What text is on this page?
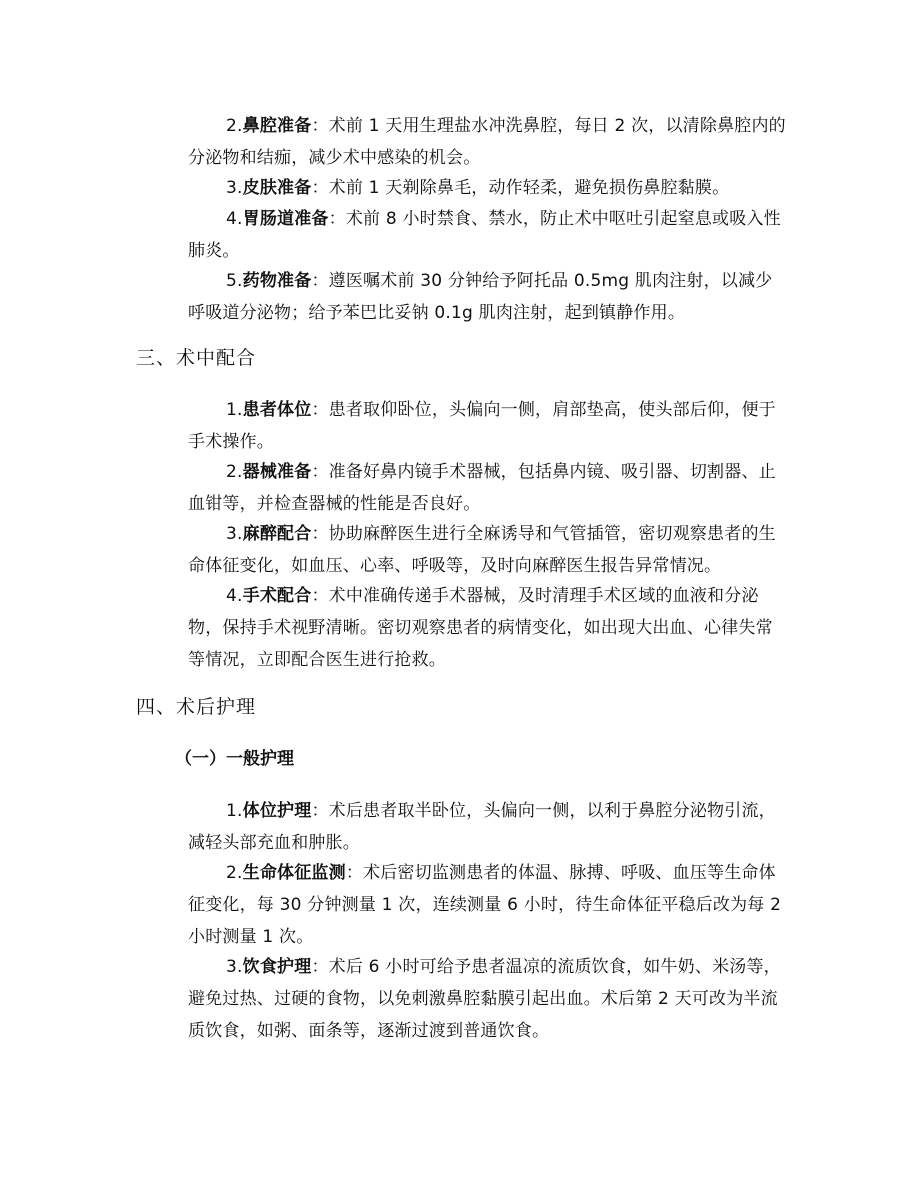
2.鼻腔准备：术前 1 天用生理盐水冲洗鼻腔，每日 2 次，以清除鼻腔内的分泌物和结痂，减少术中感染的机会。

3.皮肤准备：术前 1 天剃除鼻毛，动作轻柔，避免损伤鼻腔黏膜。

4.胃肠道准备：术前 8 小时禁食、禁水，防止术中呕吐引起窒息或吸入性肺炎。

5.药物准备：遵医嘱术前 30 分钟给予阿托品 0.5mg 肌肉注射，以减少呼吸道分泌物；给予苯巴比妥钠 0.1g 肌肉注射，起到镇静作用。

三、术中配合

1.患者体位：患者取仰卧位，头偏向一侧，肩部垫高，使头部后仰，便于手术操作。

2.器械准备：准备好鼻内镜手术器械，包括鼻内镜、吸引器、切割器、止血钳等，并检查器械的性能是否良好。

3.麻醉配合：协助麻醉医生进行全麻诱导和气管插管，密切观察患者的生命体征变化，如血压、心率、呼吸等，及时向麻醉医生报告异常情况。

4.手术配合：术中准确传递手术器械，及时清理手术区域的血液和分泌物，保持手术视野清晰。密切观察患者的病情变化，如出现大出血、心律失常等情况，立即配合医生进行抢救。

四、术后护理
（一）一般护理

1.体位护理：术后患者取半卧位，头偏向一侧，以利于鼻腔分泌物引流，减轻头部充血和肿胀。

2.生命体征监测：术后密切监测患者的体温、脉搏、呼吸、血压等生命体征变化，每 30 分钟测量 1 次，连续测量 6 小时，待生命体征平稳后改为每 2 小时测量 1 次。

3.饮食护理：术后 6 小时可给予患者温凉的流质饮食，如牛奶、米汤等，避免过热、过硬的食物，以免刺激鼻腔黏膜引起出血。术后第 2 天可改为半流质饮食，如粥、面条等，逐渐过渡到普通饮食。
